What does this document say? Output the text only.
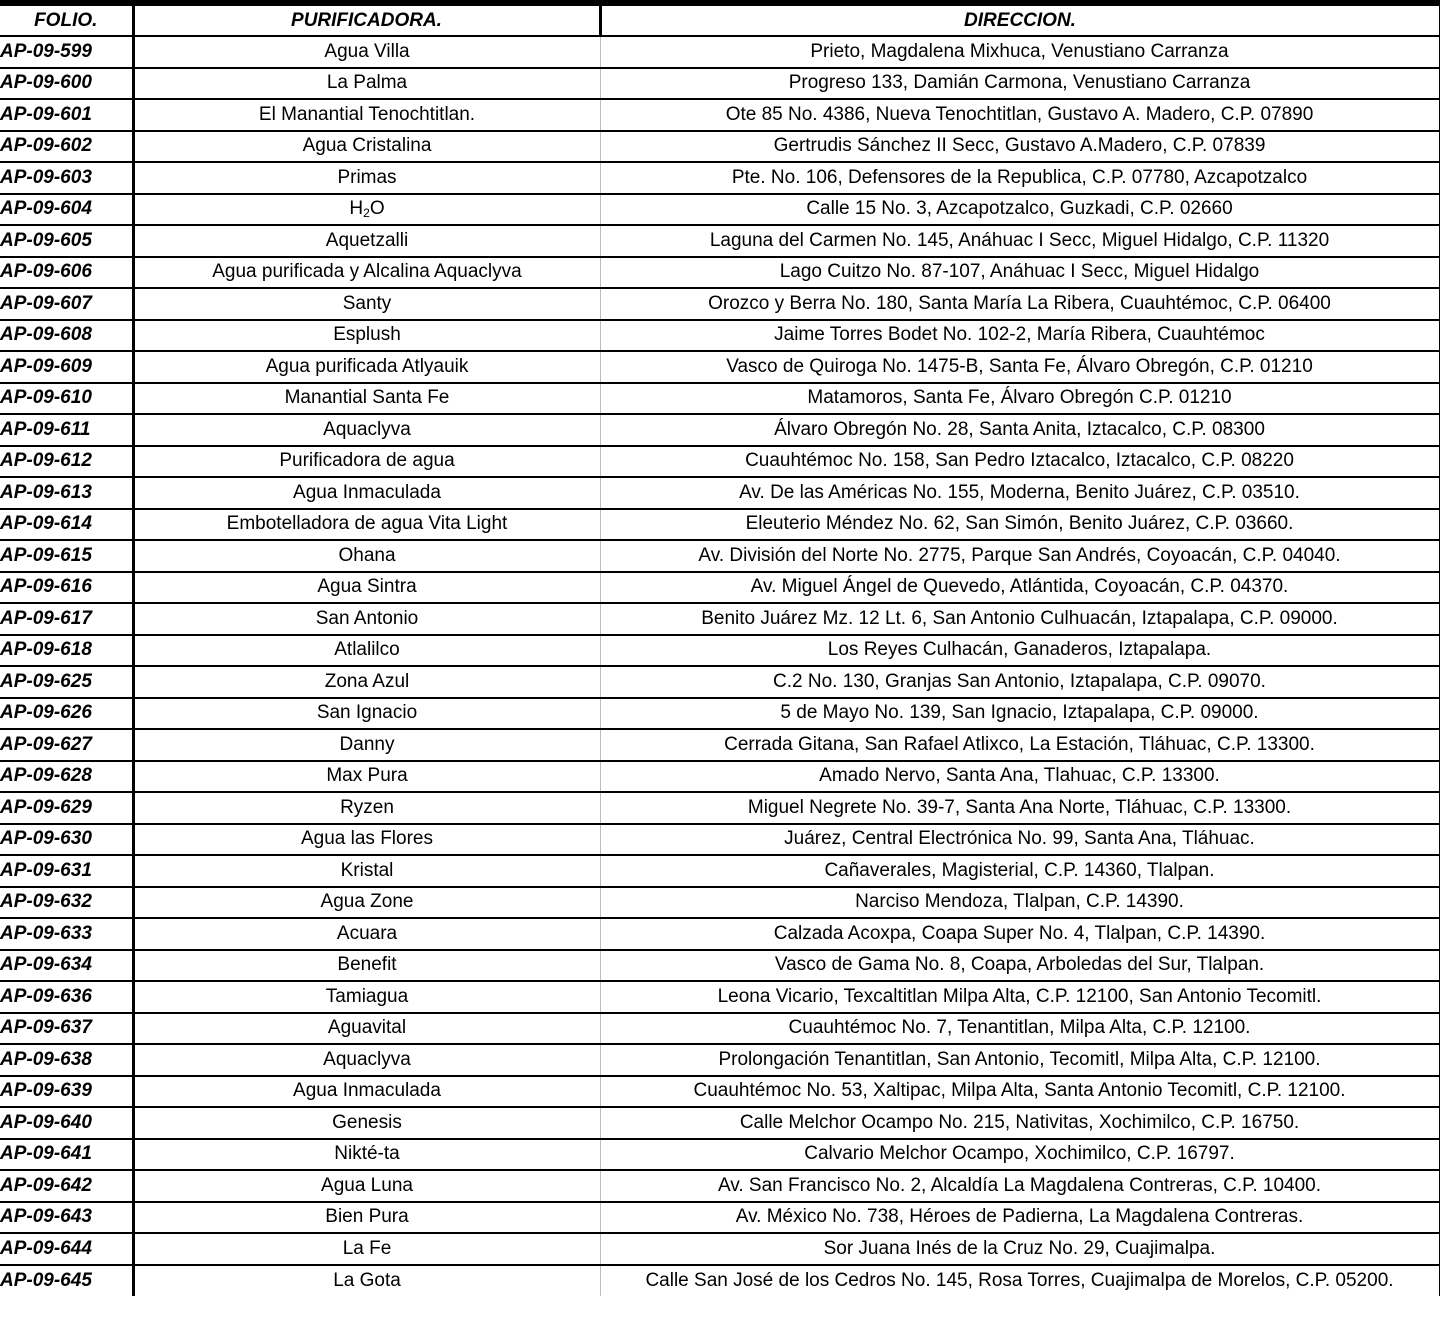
FOLIO.	PURIFICADORA.	DIRECCION.
AP-09-599	Agua Villa	Prieto, Magdalena Mixhuca, Venustiano Carranza
AP-09-600	La Palma	Progreso 133, Damián Carmona, Venustiano Carranza
AP-09-601	El Manantial Tenochtitlan.	Ote 85 No. 4386, Nueva Tenochtitlan, Gustavo A. Madero, C.P. 07890
AP-09-602	Agua Cristalina	Gertrudis Sánchez II Secc, Gustavo A.Madero, C.P. 07839
AP-09-603	Primas	Pte. No. 106, Defensores de la Republica, C.P. 07780, Azcapotzalco
AP-09-604	$H_2O$	Calle 15 No. 3, Azcapotzalco, Guzkadi, C.P. 02660
AP-09-605	Aquetzalli	Laguna del Carmen No. 145, Anáhuac I Secc, Miguel Hidalgo, C.P. 11320
AP-09-606	Agua purificada y Alcalina Aquaclyva	Lago Cuitzo No. 87-107, Anáhuac I Secc, Miguel Hidalgo
AP-09-607	Santy	Orozco y Berra No. 180, Santa María La Ribera, Cuauhtémoc, C.P. 06400
AP-09-608	Esplush	Jaime Torres Bodet No. 102-2, María Ribera, Cuauhtémoc
AP-09-609	Agua purificada Atlyauik	Vasco de Quiroga No. 1475-B, Santa Fe, Álvaro Obregón, C.P. 01210
AP-09-610	Manantial Santa Fe	Matamoros, Santa Fe, Álvaro Obregón C.P. 01210
AP-09-611	Aquaclyva	Álvaro Obregón No. 28, Santa Anita, Iztacalco, C.P. 08300
AP-09-612	Purificadora de agua	Cuauhtémoc No. 158, San Pedro Iztacalco, Iztacalco, C.P. 08220
AP-09-613	Agua Inmaculada	Av. De las Américas No. 155, Moderna, Benito Juárez, C.P. 03510.
AP-09-614	Embotelladora de agua Vita Light	Eleuterio Méndez No. 62, San Simón, Benito Juárez, C.P. 03660.
AP-09-615	Ohana	Av. División del Norte No. 2775, Parque San Andrés, Coyoacán, C.P. 04040.
AP-09-616	Agua Sintra	Av. Miguel Ángel de Quevedo, Atlántida, Coyoacán, C.P. 04370.
AP-09-617	San Antonio	Benito Juárez Mz. 12 Lt. 6, San Antonio Culhuacán, Iztapalapa, C.P. 09000.
AP-09-618	Atlalilco	Los Reyes Culhacán, Ganaderos, Iztapalapa.
AP-09-625	Zona Azul	C.2 No. 130, Granjas San Antonio, Iztapalapa, C.P. 09070.
AP-09-626	San Ignacio	5 de Mayo No. 139, San Ignacio, Iztapalapa, C.P. 09000.
AP-09-627	Danny	Cerrada Gitana, San Rafael Atlixco, La Estación, Tláhuac, C.P. 13300.
AP-09-628	Max Pura	Amado Nervo, Santa Ana, Tlahuac, C.P. 13300.
AP-09-629	Ryzen	Miguel Negrete No. 39-7, Santa Ana Norte, Tláhuac, C.P. 13300.
AP-09-630	Agua las Flores	Juárez, Central Electrónica No. 99, Santa Ana, Tláhuac.
AP-09-631	Kristal	Cañaverales, Magisterial, C.P. 14360, Tlalpan.
AP-09-632	Agua Zone	Narciso Mendoza, Tlalpan, C.P. 14390.
AP-09-633	Acuara	Calzada Acoxpa, Coapa Super No. 4, Tlalpan, C.P. 14390.
AP-09-634	Benefit	Vasco de Gama No. 8, Coapa, Arboledas del Sur, Tlalpan.
AP-09-636	Tamiagua	Leona Vicario, Texcaltitlan Milpa Alta, C.P. 12100, San Antonio Tecomitl.
AP-09-637	Aguavital	Cuauhtémoc No. 7, Tenantitlan, Milpa Alta, C.P. 12100.
AP-09-638	Aquaclyva	Prolongación Tenantitlan, San Antonio, Tecomitl, Milpa Alta, C.P. 12100.
AP-09-639	Agua Inmaculada	Cuauhtémoc No. 53, Xaltipac, Milpa Alta, Santa Antonio Tecomitl, C.P. 12100.
AP-09-640	Genesis	Calle Melchor Ocampo No. 215, Nativitas, Xochimilco, C.P. 16750.
AP-09-641	Nikté-ta	Calvario Melchor Ocampo, Xochimilco, C.P. 16797.
AP-09-642	Agua Luna	Av. San Francisco No. 2, Alcaldía La Magdalena Contreras, C.P. 10400.
AP-09-643	Bien Pura	Av. México No. 738, Héroes de Padierna, La Magdalena Contreras.
AP-09-644	La Fe	Sor Juana Inés de la Cruz No. 29, Cuajimalpa.
AP-09-645	La Gota	Calle San José de los Cedros No. 145, Rosa Torres, Cuajimalpa de Morelos, C.P. 05200.
